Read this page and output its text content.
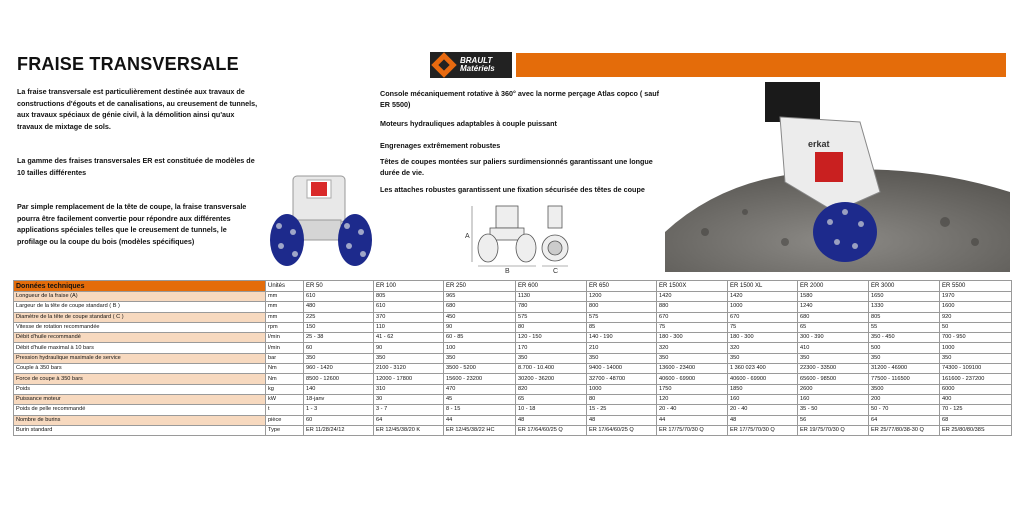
FRAISE TRANSVERSALE
La fraise transversale est particulièrement destinée aux travaux de constructions d'égouts et de canalisations, au creusement de tunnels, aux travaux spéciaux de génie civil, à la démolition ainsi qu'aux travaux de mixtage de sols.
La gamme des fraises transversales ER est constituée de modèles de 10 tailles différentes
Par simple remplacement de la tête de coupe, la fraise transversale pourra être facilement convertie pour répondre aux différentes applications spéciales telles que le creusement de tunnels, le profilage ou la coupe du bois (modèles spécifiques)
BRAULT
Matériels
Console mécaniquement rotative à 360° avec la norme perçage Atlas copco ( sauf ER 5500)
Moteurs hydrauliques adaptables à couple puissant
Engrenages extrêmement robustes
Têtes de coupes montées sur paliers surdimensionnés garantissant une longue durée de vie.
Les attaches robustes garantissent une fixation sécurisée des têtes de coupe
A
B	C
erkat
Données techniques	Unités	ER 50	ER 100	ER 250	ER 600	ER 650	ER 1500X	ER 1500 XL	ER 2000	ER 3000	ER 5500
Longueur de la fraise (A)	mm	610	805	965	1130	1200	1420	1420	1580	1650	1970
Largeur de la tête de coupe standard ( B )	mm	480	610	680	780	800	880	1000	1240	1330	1600
Diamètre de la tête de coupe standard ( C )	mm	225	370	450	575	575	670	670	680	805	920
Vitesse de rotation recommandée	rpm	150	110	90	80	85	75	75	65	55	50
Débit d'huile recommandé	l/min	25 - 38	41 - 62	60 - 85	120 - 150	140 - 190	180 - 300	180 - 300	300 - 390	350 - 450	700 - 950
Débit d'huile maximal à 10 bars	l/min	60	90	100	170	210	320	320	410	500	1000
Pression hydraulique maximale de service	bar	350	350	350	350	350	350	350	350	350	350
Couple à 350 bars	Nm	960 - 1420	2100 - 3120	3500 - 5200	8.700 - 10.400	9400 - 14000	13600 - 23400	1 360 023 400	22300 - 33500	31200 - 46900	74300 - 109100
Force de coupe à 350 bars	Nm	8500 - 12600	12000 - 17800	15600 - 23200	30200 - 36200	32700 - 48700	40600 - 69900	40600 - 69900	65600 - 98500	77500 - 116500	161600 - 237200
Poids	kg	140	310	470	820	1000	1750	1850	2600	3500	6000
Puissance moteur	kW	18-janv	30	45	65	80	120	160	160	200	400
Poids de pelle recommandé	t	1 - 3	3 - 7	8 - 15	10 - 18	15 - 25	20 - 40	20 - 40	35 - 50	50 - 70	70 - 125
Nombre de burins	pièce	60	64	44	48	48	44	48	56	64	68
Burin standard	Type	ER 11/28/24/12	ER 12/45/38/20 K	ER 12/45/38/22 HC	ER 17/64/60/25 Q	ER 17/64/60/25 Q	ER 17/75/70/30 Q	ER 17/75/70/30 Q	ER 19/75/70/30 Q	ER 25/77/80/38-30 Q	ER 25/80/80/38S
